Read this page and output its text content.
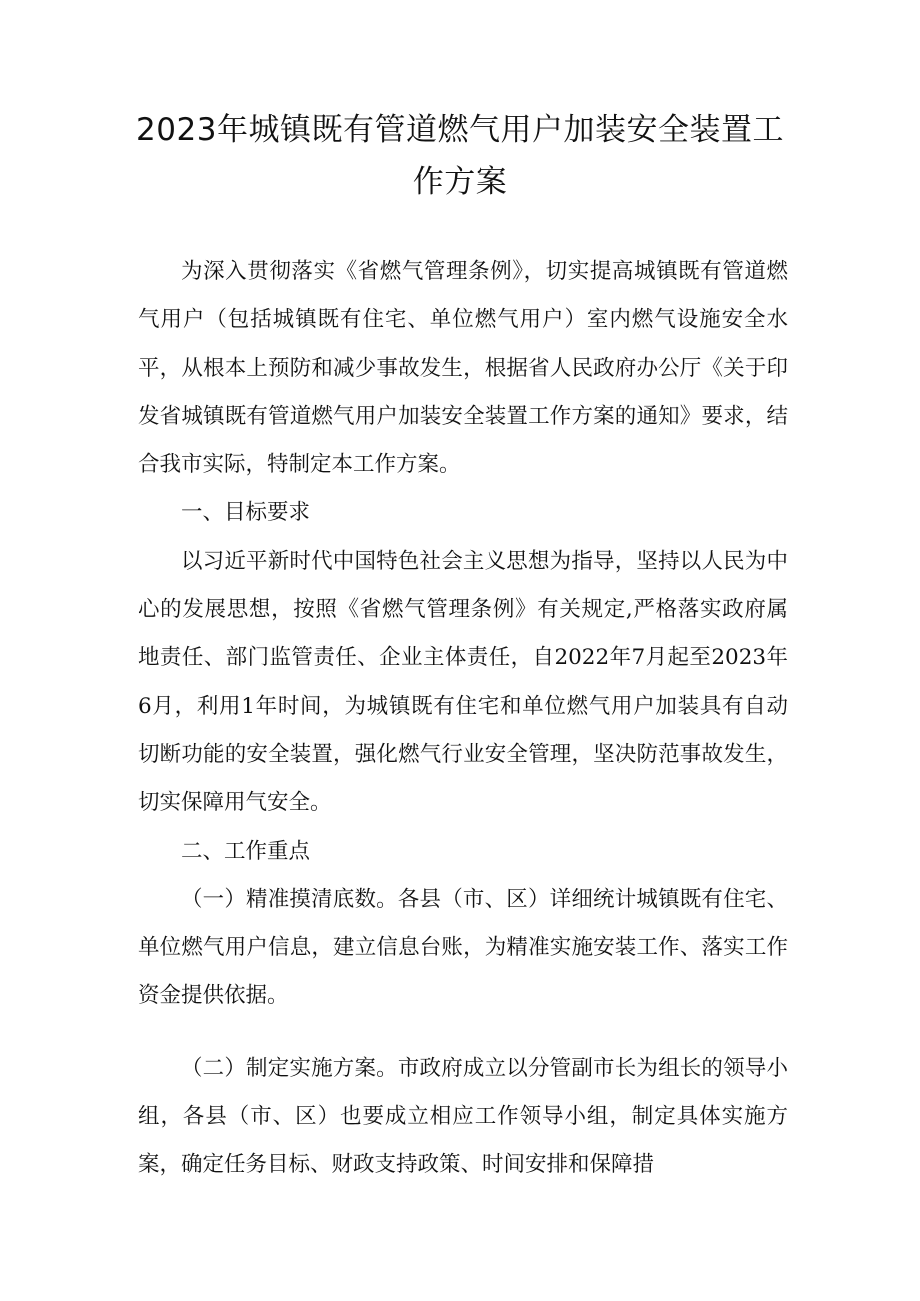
2023年城镇既有管道燃气用户加装安全装置工作方案

为深入贯彻落实《省燃气管理条例》，切实提高城镇既有管道燃气用户（包括城镇既有住宅、单位燃气用户）室内燃气设施安全水平，从根本上预防和减少事故发生，根据省人民政府办公厅《关于印发省城镇既有管道燃气用户加装安全装置工作方案的通知》要求，结合我市实际，特制定本工作方案。

一、目标要求

以习近平新时代中国特色社会主义思想为指导，坚持以人民为中心的发展思想，按照《省燃气管理条例》有关规定,严格落实政府属地责任、部门监管责任、企业主体责任，自2022年7月起至2023年6月，利用1年时间，为城镇既有住宅和单位燃气用户加装具有自动切断功能的安全装置，强化燃气行业安全管理，坚决防范事故发生，切实保障用气安全。

二、工作重点

（一）精准摸清底数。各县（市、区）详细统计城镇既有住宅、单位燃气用户信息，建立信息台账，为精准实施安装工作、落实工作资金提供依据。

（二）制定实施方案。市政府成立以分管副市长为组长的领导小组，各县（市、区）也要成立相应工作领导小组，制定具体实施方案，确定任务目标、财政支持政策、时间安排和保障措
